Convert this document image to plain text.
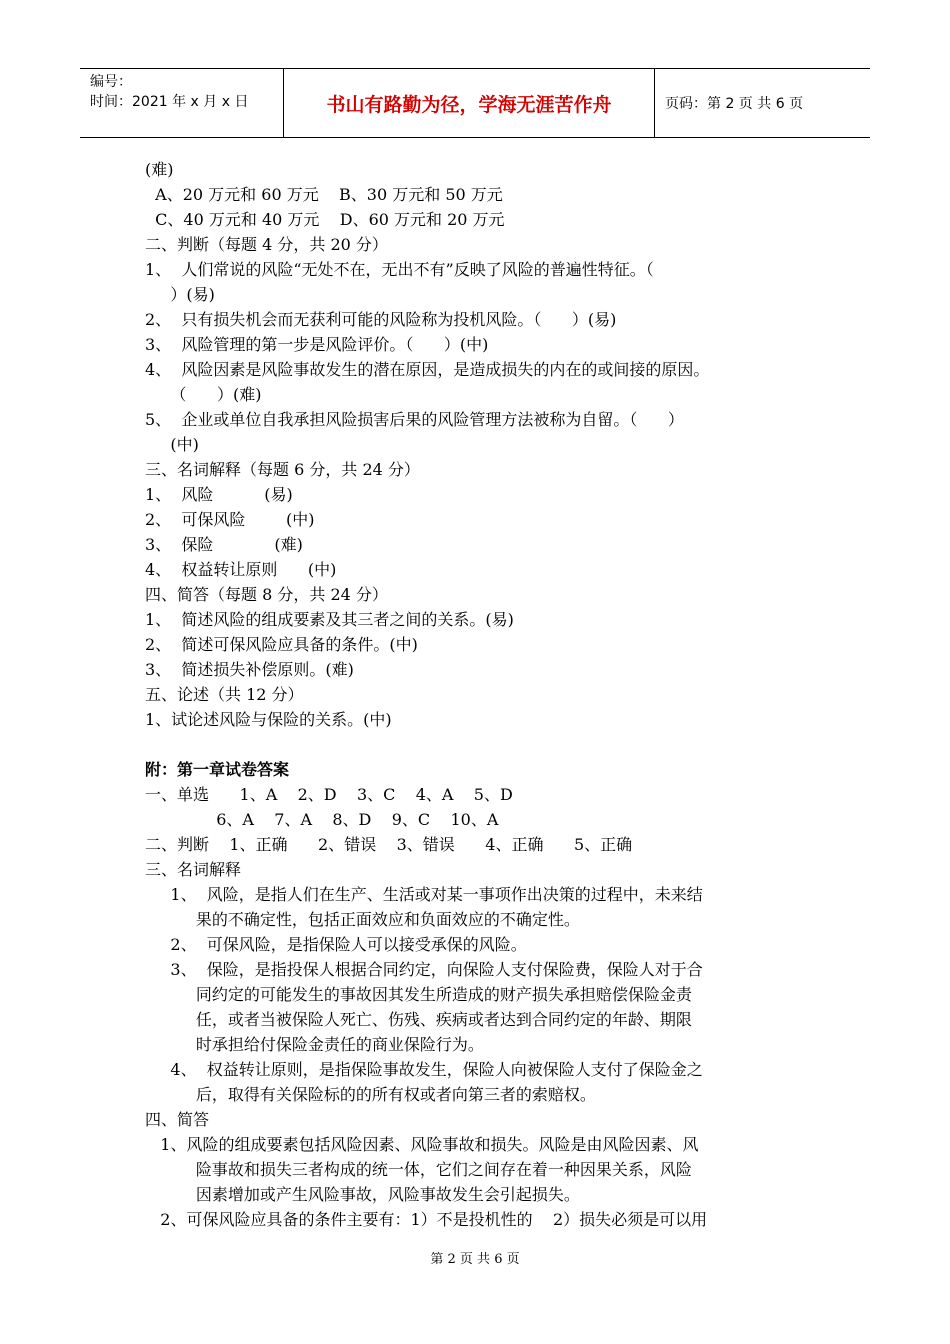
编号：
时间：2021 年 x 月 x 日	书山有路勤为径，学海无涯苦作舟	页码：第 2 页 共 6 页
(难)
A、20 万元和 60 万元    B、30 万元和 50 万元
C、40 万元和 40 万元    D、60 万元和 20 万元
二、判断（每题 4 分，共 20 分）
1、  人们常说的风险“无处不在，无出不有”反映了风险的普遍性特征。（
）(易)
2、  只有损失机会而无获利可能的风险称为投机风险。（      ）(易)
3、  风险管理的第一步是风险评价。（      ）(中)
4、  风险因素是风险事故发生的潜在原因，是造成损失的内在的或间接的原因。
（      ）(难)
5、  企业或单位自我承担风险损害后果的风险管理方法被称为自留。（      ）
(中)
三、名词解释（每题 6 分，共 24 分）
1、  风险          (易)
2、  可保风险        (中)
3、  保险            (难)
4、  权益转让原则      (中)
四、简答（每题 8 分，共 24 分）
1、  简述风险的组成要素及其三者之间的关系。(易)
2、  简述可保风险应具备的条件。(中)
3、  简述损失补偿原则。(难)
五、论述（共 12 分）
1、试论述风险与保险的关系。(中)
附：第一章试卷答案
一、单选      1、A    2、D    3、C    4、A    5、D
6、A    7、A    8、D    9、C    10、A
二、判断    1、正确      2、错误    3、错误      4、正确      5、正确
三、名词解释
1、  风险，是指人们在生产、生活或对某一事项作出决策的过程中，未来结
果的不确定性，包括正面效应和负面效应的不确定性。
2、  可保风险，是指保险人可以接受承保的风险。
3、  保险，是指投保人根据合同约定，向保险人支付保险费，保险人对于合
同约定的可能发生的事故因其发生所造成的财产损失承担赔偿保险金责
任，或者当被保险人死亡、伤残、疾病或者达到合同约定的年龄、期限
时承担给付保险金责任的商业保险行为。
4、  权益转让原则，是指保险事故发生，保险人向被保险人支付了保险金之
后，取得有关保险标的的所有权或者向第三者的索赔权。
四、简答
1、风险的组成要素包括风险因素、风险事故和损失。风险是由风险因素、风
险事故和损失三者构成的统一体，它们之间存在着一种因果关系，风险
因素增加或产生风险事故，风险事故发生会引起损失。
2、可保风险应具备的条件主要有：1）不是投机性的    2）损失必须是可以用
第 2 页 共 6 页
